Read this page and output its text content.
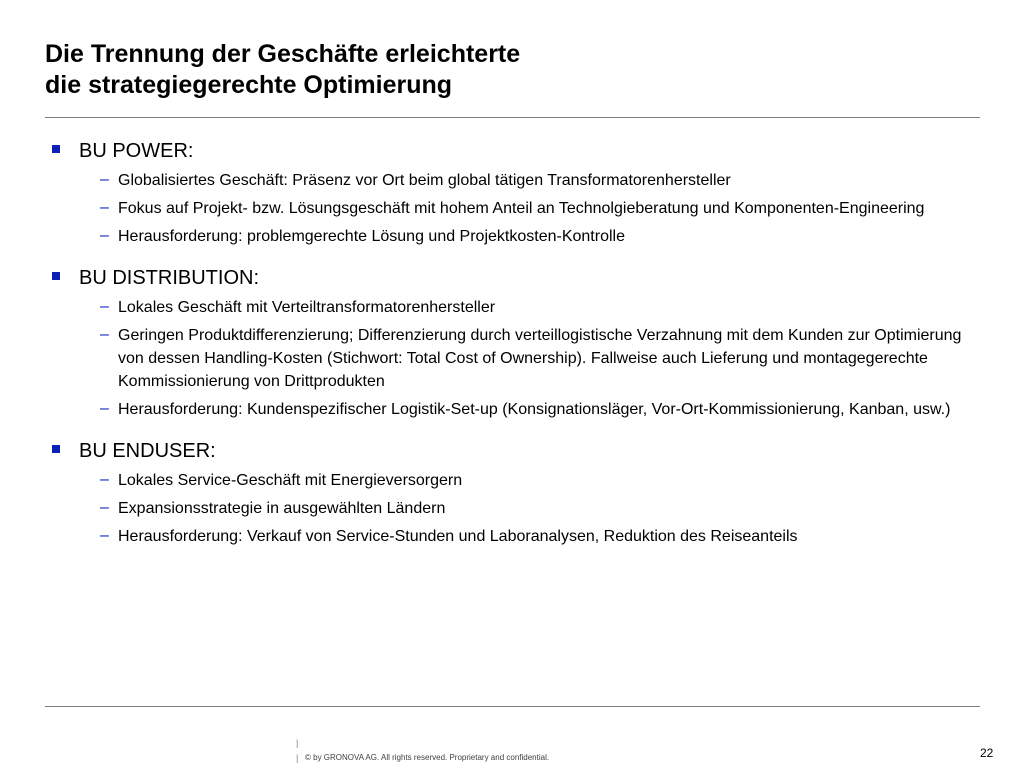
Die Trennung der Geschäfte erleichterte
die strategiegerechte Optimierung
BU POWER:
– Globalisiertes Geschäft: Präsenz vor Ort beim global tätigen Transformatorenhersteller
– Fokus auf Projekt- bzw. Lösungsgeschäft mit hohem Anteil an Technolgieberatung und Komponenten-Engineering
– Herausforderung: problemgerechte Lösung und Projektkosten-Kontrolle
BU DISTRIBUTION:
– Lokales Geschäft mit Verteiltransformatorenhersteller
– Geringen Produktdifferenzierung; Differenzierung durch verteillogistische Verzahnung mit dem Kunden zur Optimierung von dessen Handling-Kosten (Stichwort: Total Cost of Ownership). Fallweise auch Lieferung und montagegerechte Kommissionierung von Drittprodukten
– Herausforderung: Kundenspezifischer Logistik-Set-up (Konsignationsläger, Vor-Ort-Kommissionierung, Kanban, usw.)
BU ENDUSER:
– Lokales Service-Geschäft mit Energieversorgern
– Expansionsstrategie in ausgewählten Ländern
– Herausforderung: Verkauf von Service-Stunden und Laboranalysen, Reduktion des Reiseanteils
|
| © by GRONOVA AG. All rights reserved. Proprietary and confidential.	22
